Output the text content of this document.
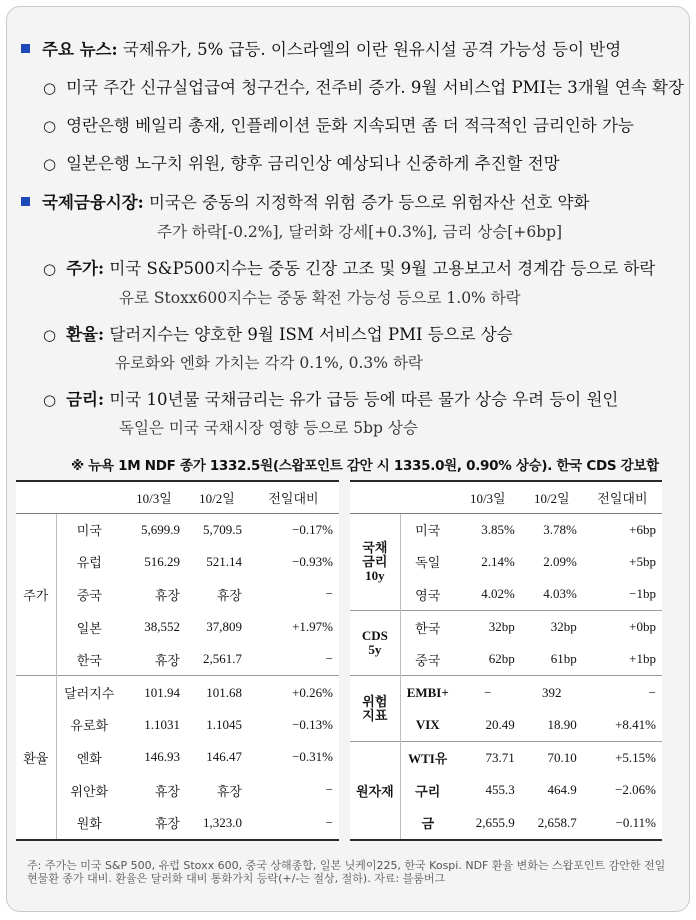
주요 뉴스: 국제유가, 5% 급등. 이스라엘의 이란 원유시설 공격 가능성 등이 반영
○ 미국 주간 신규실업급여 청구건수, 전주비 증가. 9월 서비스업 PMI는 3개월 연속 확장
○ 영란은행 베일리 총재, 인플레이션 둔화 지속되면 좀 더 적극적인 금리인하 가능
○ 일본은행 노구치 위원, 향후 금리인상 예상되나 신중하게 추진할 전망
국제금융시장: 미국은 중동의 지정학적 위험 증가 등으로 위험자산 선호 약화
주가 하락[-0.2%], 달러화 강세[+0.3%], 금리 상승[+6bp]
○ 주가: 미국 S&P500지수는 중동 긴장 고조 및 9월 고용보고서 경계감 등으로 하락
유로 Stoxx600지수는 중동 확전 가능성 등으로 1.0% 하락
○ 환율: 달러지수는 양호한 9월 ISM 서비스업 PMI 등으로 상승
유로화와 엔화 가치는 각각 0.1%, 0.3% 하락
○ 금리: 미국 10년물 국채금리는 유가 급등 등에 따른 물가 상승 우려 등이 원인
독일은 미국 국채시장 영향 등으로 5bp 상승
※ 뉴욕 1M NDF 종가 1332.5원(스왑포인트 감안 시 1335.0원, 0.90% 상승). 한국 CDS 강보합
		10/3일	10/2일	전일대비
주가	미국	5,699.9	5,709.5	−0.17%
	유럽	516.29	521.14	−0.93%
	중국	휴장	휴장	−
	일본	38,552	37,809	+1.97%
	한국	휴장	2,561.7	−
환율	달러지수	101.94	101.68	+0.26%
	유로화	1.1031	1.1045	−0.13%
	엔화	146.93	146.47	−0.31%
	위안화	휴장	휴장	−
	원화	휴장	1,323.0	−
		10/3일	10/2일	전일대비
국채
금리
10y	미국	3.85%	3.78%	+6bp
	독일	2.14%	2.09%	+5bp
	영국	4.02%	4.03%	−1bp
CDS
5y	한국	32bp	32bp	+0bp
	중국	62bp	61bp	+1bp
위험
지표	EMBI+	−	392	−
	VIX	20.49	18.90	+8.41%
원자재	WTI유	73.71	70.10	+5.15%
	구리	455.3	464.9	−2.06%
	금	2,655.9	2,658.7	−0.11%
주: 주가는 미국 S&P 500, 유럽 Stoxx 600, 중국 상해종합, 일본 닛케이225, 한국 Kospi. NDF 환율 변화는 스왑포인트 감안한 전일 현물환 종가 대비. 환율은 달러화 대비 통화가치 등락(+/-는 절상, 절하). 자료: 블룸버그
